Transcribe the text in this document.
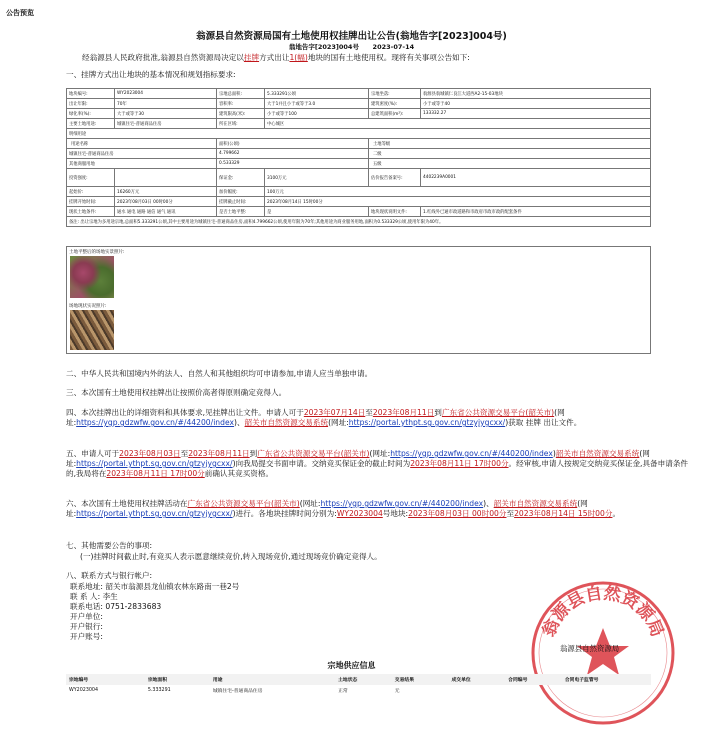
公告预览
翁源县自然资源局国有土地使用权挂牌出让公告(翁地告字[2023]004号)
翁地告字[2023]004号 2023-07-14
经翁源县人民政府批准,翁源县自然资源局决定以挂牌方式出让1(幅)地块的国有土地使用权。现将有关事项公告如下:
一、挂牌方式出让地块的基本情况和规划指标要求:
地块编号:	WY2023004	宗地总面积:	5.333291公顷	宗地坐落:	翁源县翁城镇仁良江大道西A2-15-03地块
出让年限:	70年	容积率:	大于1并且小于或等于3.0	建筑密度(%):	小于或等于40
绿化率(%):	大于或等于30	建筑限高(米):	小于或等于100	总建筑面积(m²):	133332.27
主要土地用途:	城镇住宅-普通商品住房	所在区域:	中心城区		
明细用途					
用途名称		面积(公顷)		土地等级	
城镇住宅-普通商品住房		4.799662		二级	
其他商服用地		0.533329		五级	
投资强度:		保证金:	3100万元	估价报告备案号:	4402239A0001
起始价:	16260万元	加价幅度:	100万元		
挂牌开始时间:	2023年08月03日 00时00分	挂牌截止时间:	2023年08月14日 15时00分		
现状土地条件:	通水 通电 通路 通信 通气 通讯	是否土地平整:	是	地块现状说明文件:	1.红线外已通市政道路和市政府市政市政的配套条件
备注: 出让宗地为多用途宗地,总面积5.333291公顷,其中主要用途为城镇住宅-普通商品住房,面积4.799662公顷,使用年限为70年;其他用途为商业服务用地,面积为0.533329公顷,使用年限为40年。					
土地平整后的场地实景照片:
场地现状实况照片:
二、中华人民共和国境内外的法人、自然人和其他组织均可申请参加,申请人应当单独申请。
三、本次国有土地使用权挂牌出让按照价高者得原则确定竞得人。
四、本次挂牌出让的详细资料和具体要求,见挂牌出让文件。申请人可于2023年07月14日至2023年08月11日到广东省公共资源交易平台(韶关市)(网址:https://ygp.gdzwfw.gov.cn/#/44200/index)、韶关市自然资源交易系统(网址:https://portal.ythpt.sg.gov.cn/gtzyjygcxx/)获取 挂牌 出让文件。
五、申请人可于2023年08月03日至2023年08月11日到广东省公共资源交易平台(韶关市)(网址:https://ygp.gdzwfw.gov.cn/#/440200/index)韶关市自然资源交易系统(网址:https://portal.ythpt.sg.gov.cn/gtzyjygcxx/)向我局提交书面申请。交纳竞买保证金的截止时间为2023年08月11日 17时00分。经审核,申请人按规定交纳竞买保证金,具备申请条件的,我局将在2023年08月11日 17时00分前确认其竞买资格。
六、本次国有土地使用权挂牌活动在广东省公共资源交易平台(韶关市)(网址:https://ygp.gdzwfw.gov.cn/#/440200/index)、韶关市自然资源交易系统(网址:https://portal.ythpt.sg.gov.cn/gtzyjygcxx/)进行。各地块挂牌时间分别为:WY2023004号地块:2023年08月03日 00时00分至2023年08月14日 15时00分。
七、其他需要公告的事项:
(一)挂牌时间截止时,有竞买人表示愿意继续竞价,转入现场竞价,通过现场竞价确定竞得人。
八、联系方式与银行帐户:
联系地址: 韶关市翁源县龙仙镇农林东路南一巷2号
联 系 人: 李生
联系电话: 0751-2833683
开户单位:
开户银行:
开户账号:	翁源县自然资源局
翁源县自然资源局
宗地供应信息
宗地编号	宗地面积	用途	土地状态	交易结果	成交单位	合同编号	合同电子监管号
WY2023004	5.333291	城镇住宅-普通商品住房	正常	无			
